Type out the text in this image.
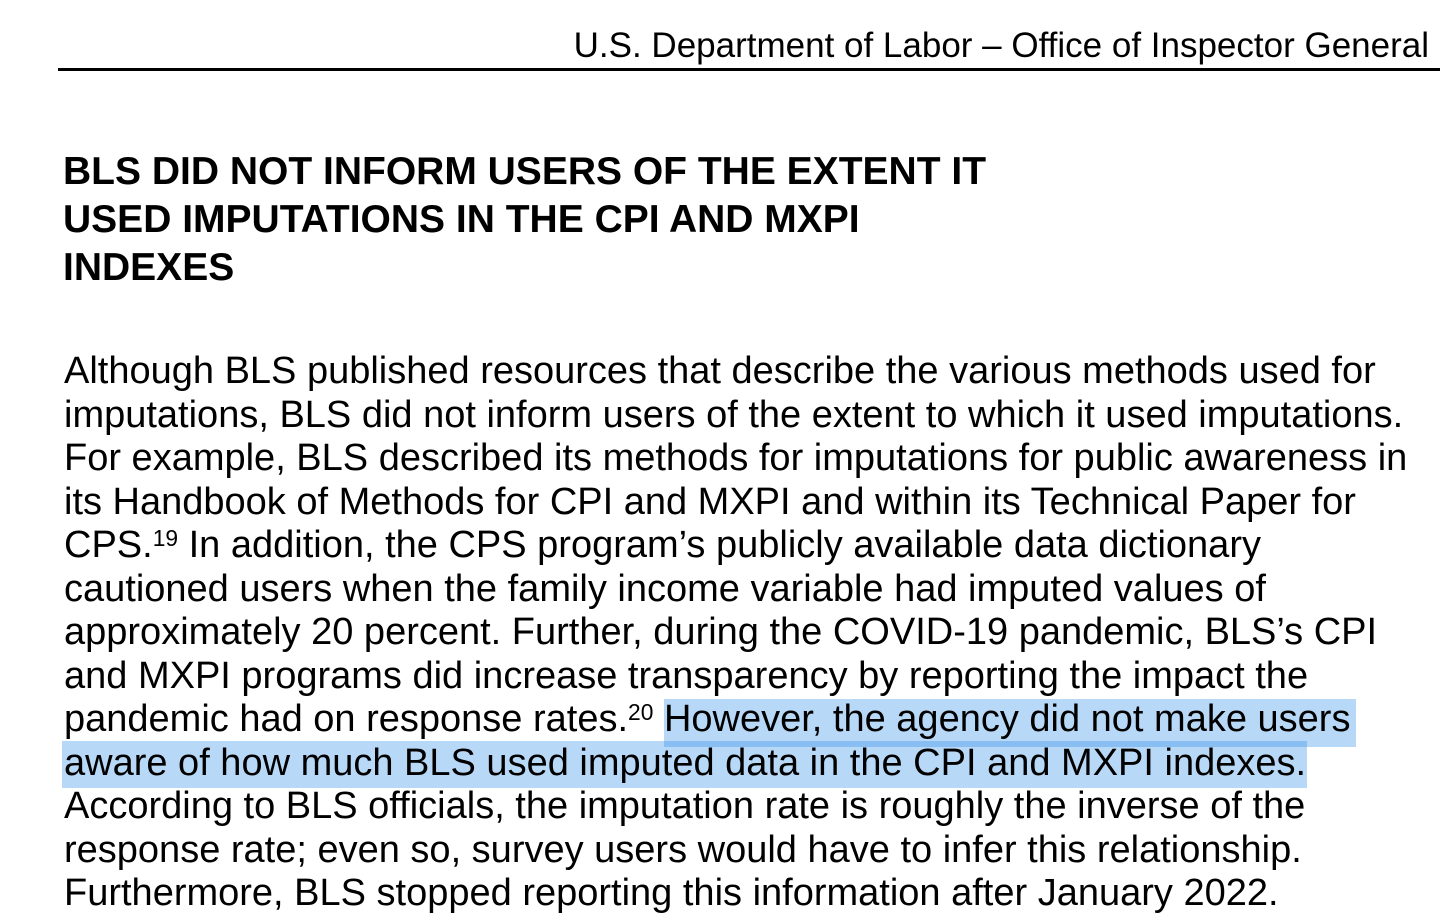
U.S. Department of Labor – Office of Inspector General
BLS DID NOT INFORM USERS OF THE EXTENT IT
USED IMPUTATIONS IN THE CPI AND MXPI
INDEXES
Although BLS published resources that describe the various methods used for
imputations, BLS did not inform users of the extent to which it used imputations.
For example, BLS described its methods for imputations for public awareness in
its Handbook of Methods for CPI and MXPI and within its Technical Paper for
CPS.$^{19}$ In addition, the CPS program’s publicly available data dictionary
cautioned users when the family income variable had imputed values of
approximately 20 percent. Further, during the COVID-19 pandemic, BLS’s CPI
and MXPI programs did increase transparency by reporting the impact the
pandemic had on response rates.$^{20}$ However, the agency did not make users
aware of how much BLS used imputed data in the CPI and MXPI indexes.
According to BLS officials, the imputation rate is roughly the inverse of the
response rate; even so, survey users would have to infer this relationship.
Furthermore, BLS stopped reporting this information after January 2022.
